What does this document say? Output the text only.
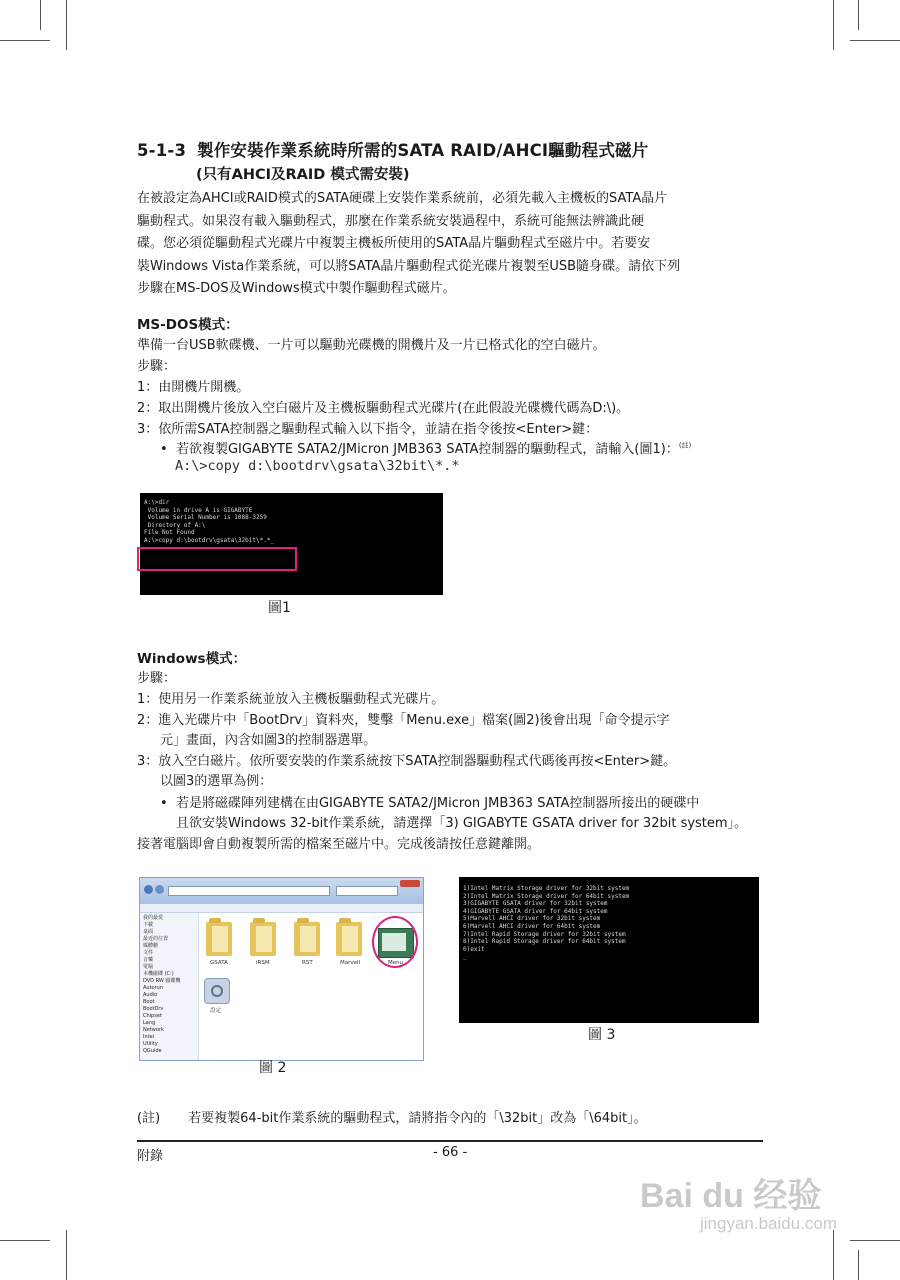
5-1-3 製作安裝作業系統時所需的SATA RAID/AHCI驅動程式磁片
(只有AHCI及RAID 模式需安裝)
在被設定為AHCI或RAID模式的SATA硬碟上安裝作業系統前，必須先載入主機板的SATA晶片
驅動程式。如果沒有載入驅動程式，那麼在作業系統安裝過程中，系統可能無法辨識此硬
碟。您必須從驅動程式光碟片中複製主機板所使用的SATA晶片驅動程式至磁片中。若要安
裝Windows Vista作業系統，可以將SATA晶片驅動程式從光碟片複製至USB隨身碟。請依下列
步驟在MS-DOS及Windows模式中製作驅動程式磁片。
MS-DOS模式：
準備一台USB軟碟機、一片可以驅動光碟機的開機片及一片已格式化的空白磁片。
步驟：
1：由開機片開機。
2：取出開機片後放入空白磁片及主機板驅動程式光碟片(在此假設光碟機代碼為D:\)。
3：依所需SATA控制器之驅動程式輸入以下指令，並請在指令後按<Enter>鍵：
•  若欲複製GIGABYTE SATA2/JMicron JMB363 SATA控制器的驅動程式，請輸入(圖1)：$^{(註)}$
A:\>copy d:\bootdrv\gsata\32bit\*.*
A:\>dir
Volume in drive A is GIGABYTE
Volume Serial Number is 1088-3259
Directory of A:\
File Not Found
A:\>copy d:\bootdrv\gsata\32bit\*.*_
圖1
Windows模式：
步驟：
1：使用另一作業系統並放入主機板驅動程式光碟片。
2：進入光碟片中「BootDrv」資料夾，雙擊「Menu.exe」檔案(圖2)後會出現「命令提示字
元」畫面，內含如圖3的控制器選單。
3：放入空白磁片。依所要安裝的作業系統按下SATA控制器驅動程式代碼後再按<Enter>鍵。
以圖3的選單為例：
•  若是將磁碟陣列建構在由GIGABYTE SATA2/JMicron JMB363 SATA控制器所接出的硬碟中
且欲安裝Windows 32-bit作業系統，請選擇「3) GIGABYTE GSATA driver for 32bit system」。
接著電腦即會自動複製所需的檔案至磁片中。完成後請按任意鍵離開。
我的最愛
下載
桌面
最近的位置
媒體櫃
文件
音樂
電腦
本機磁碟 (C:)
DVD RW 磁碟機
Autorun
Audio
Boot
BootDrv
Chipset
Lang
Network
Intel
Utility
QGuide
GSATA	iRSM	RST	Marvell	Menu
設定
圖 2
1)Intel Matrix Storage driver for 32bit system
2)Intel Matrix Storage driver for 64bit system
3)GIGABYTE GSATA driver for 32bit system
4)GIGABYTE GSATA driver for 64bit system
5)Marvell AHCI driver for 32bit system
6)Marvell AHCI driver for 64bit system
7)Intel Rapid Storage driver for 32bit system
8)Intel Rapid Storage driver for 64bit system
0)exit
_
圖 3
(註) 若要複製64-bit作業系統的驅動程式，請將指令內的「\32bit」改為「\64bit」。
附錄	- 66 -
Bai du 经验
jingyan.baidu.com
